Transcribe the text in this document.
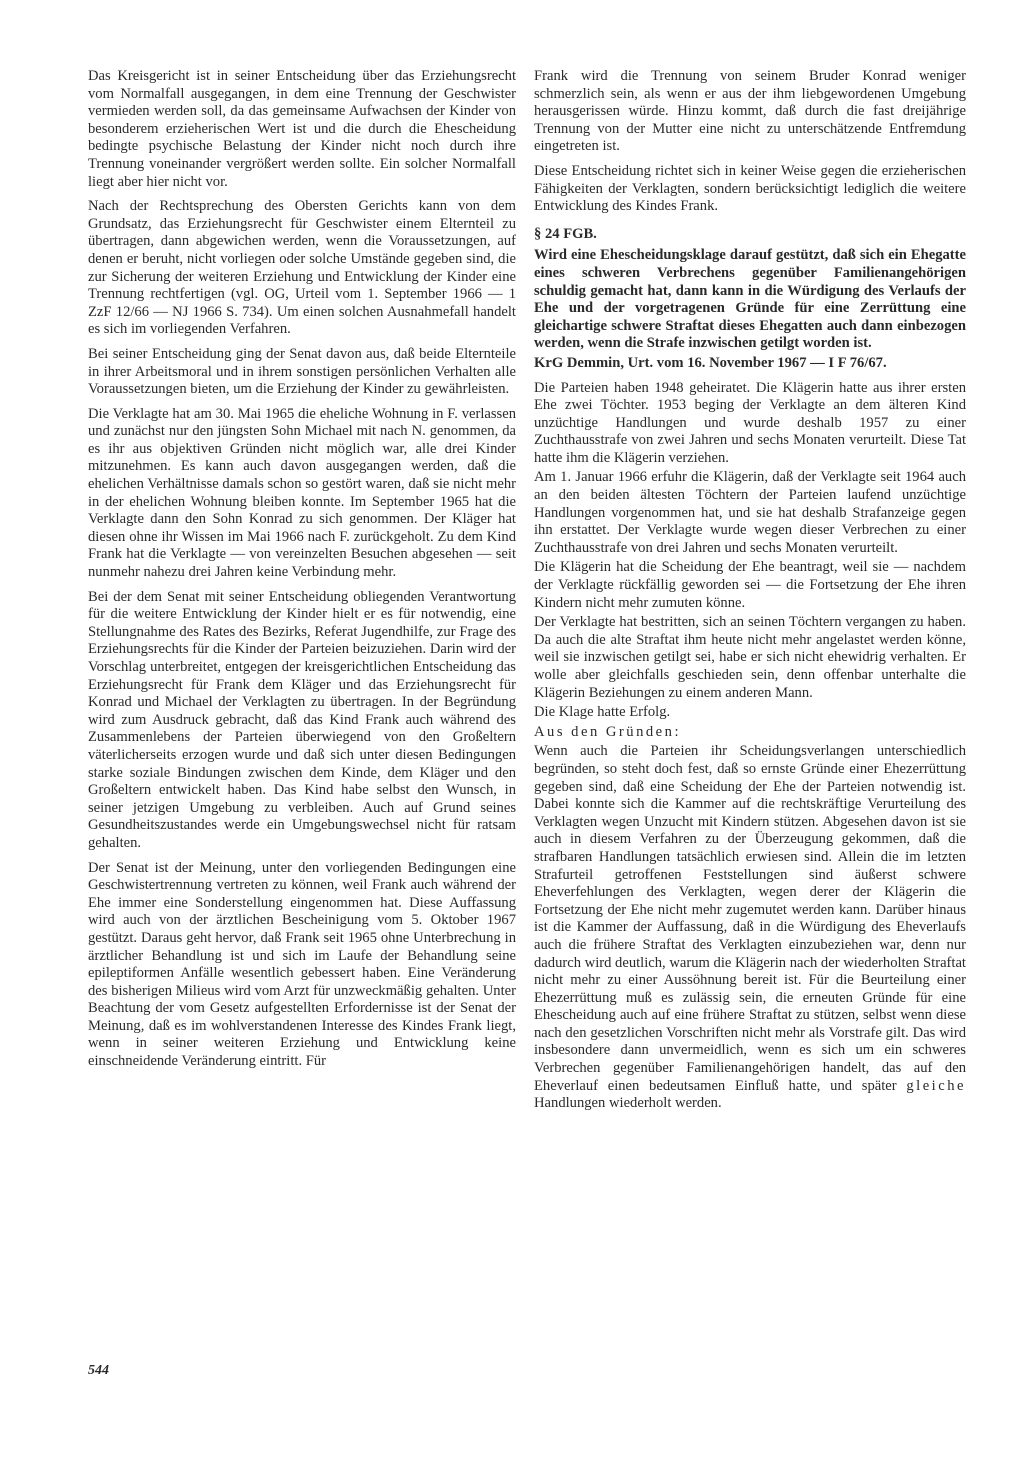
Das Kreisgericht ist in seiner Entscheidung über das Erziehungsrecht vom Normalfall ausgegangen, in dem eine Trennung der Geschwister vermieden werden soll, da das gemeinsame Aufwachsen der Kinder von besonderem erzieherischen Wert ist und die durch die Ehescheidung bedingte psychische Belastung der Kinder nicht noch durch ihre Trennung voneinander vergrößert werden sollte. Ein solcher Normalfall liegt aber hier nicht vor.

Nach der Rechtsprechung des Obersten Gerichts kann von dem Grundsatz, das Erziehungsrecht für Geschwister einem Elternteil zu übertragen, dann abgewichen werden, wenn die Voraussetzungen, auf denen er beruht, nicht vorliegen oder solche Umstände gegeben sind, die zur Sicherung der weiteren Erziehung und Entwicklung der Kinder eine Trennung rechtfertigen (vgl. OG, Urteil vom 1. September 1966 — 1 ZzF 12/66 — NJ 1966 S. 734). Um einen solchen Ausnahmefall handelt es sich im vorliegenden Verfahren.

Bei seiner Entscheidung ging der Senat davon aus, daß beide Elternteile in ihrer Arbeitsmoral und in ihrem sonstigen persönlichen Verhalten alle Voraussetzungen bieten, um die Erziehung der Kinder zu gewährleisten.

Die Verklagte hat am 30. Mai 1965 die eheliche Wohnung in F. verlassen und zunächst nur den jüngsten Sohn Michael mit nach N. genommen, da es ihr aus objektiven Gründen nicht möglich war, alle drei Kinder mitzunehmen. Es kann auch davon ausgegangen werden, daß die ehelichen Verhältnisse damals schon so gestört waren, daß sie nicht mehr in der ehelichen Wohnung bleiben konnte. Im September 1965 hat die Verklagte dann den Sohn Konrad zu sich genommen. Der Kläger hat diesen ohne ihr Wissen im Mai 1966 nach F. zurückgeholt. Zu dem Kind Frank hat die Verklagte — von vereinzelten Besuchen abgesehen — seit nunmehr nahezu drei Jahren keine Verbindung mehr.

Bei der dem Senat mit seiner Entscheidung obliegenden Verantwortung für die weitere Entwicklung der Kinder hielt er es für notwendig, eine Stellungnahme des Rates des Bezirks, Referat Jugendhilfe, zur Frage des Erziehungsrechts für die Kinder der Parteien beizuziehen. Darin wird der Vorschlag unterbreitet, entgegen der kreisgerichtlichen Entscheidung das Erziehungsrecht für Frank dem Kläger und das Erziehungsrecht für Konrad und Michael der Verklagten zu übertragen. In der Begründung wird zum Ausdruck gebracht, daß das Kind Frank auch während des Zusammenlebens der Parteien überwiegend von den Großeltern väterlicherseits erzogen wurde und daß sich unter diesen Bedingungen starke soziale Bindungen zwischen dem Kinde, dem Kläger und den Großeltern entwickelt haben. Das Kind habe selbst den Wunsch, in seiner jetzigen Umgebung zu verbleiben. Auch auf Grund seines Gesundheitszustandes werde ein Umgebungswechsel nicht für ratsam gehalten.

Der Senat ist der Meinung, unter den vorliegenden Bedingungen eine Geschwistertrennung vertreten zu können, weil Frank auch während der Ehe immer eine Sonderstellung eingenommen hat. Diese Auffassung wird auch von der ärztlichen Bescheinigung vom 5. Oktober 1967 gestützt. Daraus geht hervor, daß Frank seit 1965 ohne Unterbrechung in ärztlicher Behandlung ist und sich im Laufe der Behandlung seine epileptiformen Anfälle wesentlich gebessert haben. Eine Veränderung des bisherigen Milieus wird vom Arzt für unzweckmäßig gehalten. Unter Beachtung der vom Gesetz aufgestellten Erfordernisse ist der Senat der Meinung, daß es im wohlverstandenen Interesse des Kindes Frank liegt, wenn in seiner weiteren Erziehung und Entwicklung keine einschneidende Veränderung eintritt. Für

Frank wird die Trennung von seinem Bruder Konrad weniger schmerzlich sein, als wenn er aus der ihm liebgewordenen Umgebung herausgerissen würde. Hinzu kommt, daß durch die fast dreijährige Trennung von der Mutter eine nicht zu unterschätzende Entfremdung eingetreten ist.

Diese Entscheidung richtet sich in keiner Weise gegen die erzieherischen Fähigkeiten der Verklagten, sondern berücksichtigt lediglich die weitere Entwicklung des Kindes Frank.

§ 24 FGB.

Wird eine Ehescheidungsklage darauf gestützt, daß sich ein Ehegatte eines schweren Verbrechens gegenüber Familienangehörigen schuldig gemacht hat, dann kann in die Würdigung des Verlaufs der Ehe und der vorgetragenen Gründe für eine Zerrüttung eine gleichartige schwere Straftat dieses Ehegatten auch dann einbezogen werden, wenn die Strafe inzwischen getilgt worden ist.

KrG Demmin, Urt. vom 16. November 1967 — I F 76/67.

Die Parteien haben 1948 geheiratet. Die Klägerin hatte aus ihrer ersten Ehe zwei Töchter. 1953 beging der Verklagte an dem älteren Kind unzüchtige Handlungen und wurde deshalb 1957 zu einer Zuchthausstrafe von zwei Jahren und sechs Monaten verurteilt. Diese Tat hatte ihm die Klägerin verziehen.

Am 1. Januar 1966 erfuhr die Klägerin, daß der Verklagte seit 1964 auch an den beiden ältesten Töchtern der Parteien laufend unzüchtige Handlungen vorgenommen hat, und sie hat deshalb Strafanzeige gegen ihn erstattet. Der Verklagte wurde wegen dieser Verbrechen zu einer Zuchthausstrafe von drei Jahren und sechs Monaten verurteilt.

Die Klägerin hat die Scheidung der Ehe beantragt, weil sie — nachdem der Verklagte rückfällig geworden sei — die Fortsetzung der Ehe ihren Kindern nicht mehr zumuten könne.

Der Verklagte hat bestritten, sich an seinen Töchtern vergangen zu haben. Da auch die alte Straftat ihm heute nicht mehr angelastet werden könne, weil sie inzwischen getilgt sei, habe er sich nicht ehewidrig verhalten. Er wolle aber gleichfalls geschieden sein, denn offenbar unterhalte die Klägerin Beziehungen zu einem anderen Mann.

Die Klage hatte Erfolg.

Aus den Gründen:

Wenn auch die Parteien ihr Scheidungsverlangen unterschiedlich begründen, so steht doch fest, daß so ernste Gründe einer Ehezerrüttung gegeben sind, daß eine Scheidung der Ehe der Parteien notwendig ist. Dabei konnte sich die Kammer auf die rechtskräftige Verurteilung des Verklagten wegen Unzucht mit Kindern stützen. Abgesehen davon ist sie auch in diesem Verfahren zu der Überzeugung gekommen, daß die strafbaren Handlungen tatsächlich erwiesen sind. Allein die im letzten Strafurteil getroffenen Feststellungen sind äußerst schwere Eheverfehlungen des Verklagten, wegen derer der Klägerin die Fortsetzung der Ehe nicht mehr zugemutet werden kann. Darüber hinaus ist die Kammer der Auffassung, daß in die Würdigung des Eheverlaufs auch die frühere Straftat des Verklagten einzubeziehen war, denn nur dadurch wird deutlich, warum die Klägerin nach der wiederholten Straftat nicht mehr zu einer Aussöhnung bereit ist. Für die Beurteilung einer Ehezerrüttung muß es zulässig sein, die erneuten Gründe für eine Ehescheidung auch auf eine frühere Straftat zu stützen, selbst wenn diese nach den gesetzlichen Vorschriften nicht mehr als Vorstrafe gilt. Das wird insbesondere dann unvermeidlich, wenn es sich um ein schweres Verbrechen gegenüber Familienangehörigen handelt, das auf den Eheverlauf einen bedeutsamen Einfluß hatte, und später gleiche Handlungen wiederholt werden.

544
